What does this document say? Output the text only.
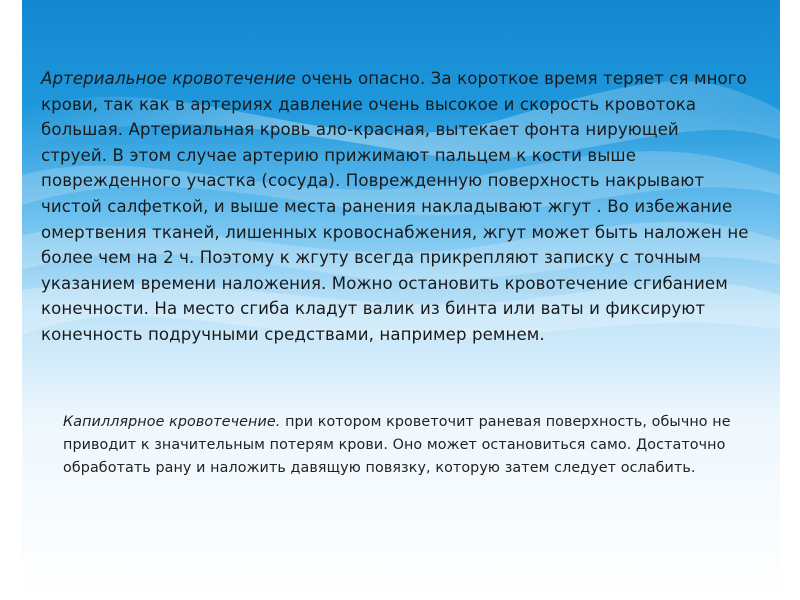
Артериальное кровотечение очень опасно. За короткое время теряет ся много крови, так как в артериях давление очень высокое и скорость кровотока большая. Артериальная кровь ало-красная, вытекает фонта нирующей струей. В этом случае артерию прижимают пальцем к кости выше поврежденного участка (сосуда). Поврежденную поверхность накрывают чистой салфеткой, и выше места ранения накладывают жгут . Во избежание омертвения тканей, лишенных кровоснабжения, жгут может быть наложен не более чем на 2 ч. Поэтому к жгуту всегда прикрепляют записку с точным указанием времени наложения. Можно остановить кровотечение сгибанием конечности. На место сгиба кладут валик из бинта или ваты и фиксируют конечность подручными средствами, например ремнем.

Капиллярное кровотечение. при котором кроветочит раневая поверхность, обычно не приводит к значительным потерям крови. Оно может остановиться само. Достаточно обработать рану и наложить давящую повязку, которую затем следует ослабить.
